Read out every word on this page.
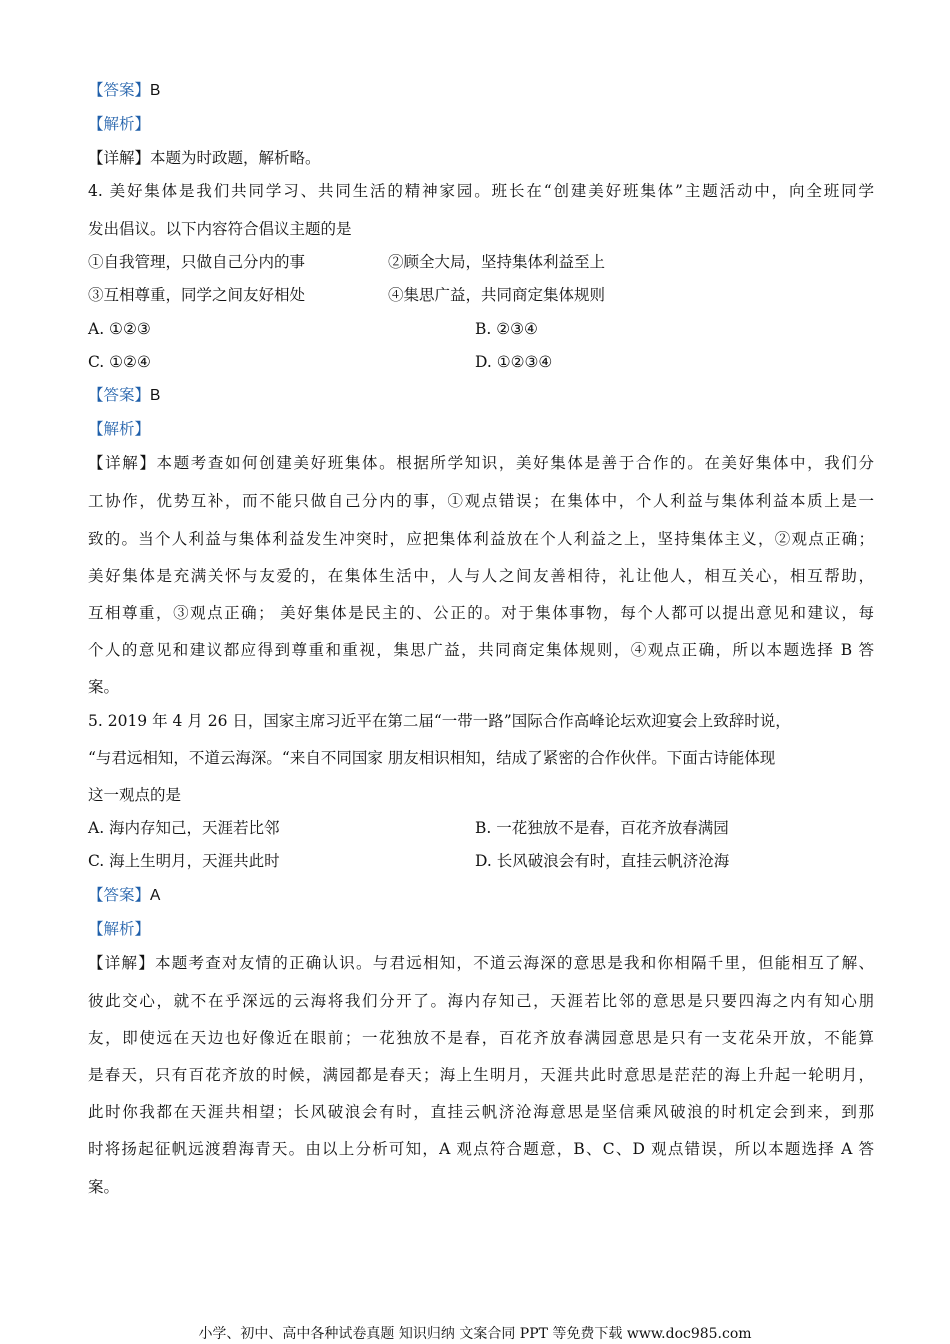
【答案】B
【解析】
【详解】本题为时政题，解析略。
4. 美好集体是我们共同学习、共同生活的精神家园。班长在“创建美好班集体”主题活动中，向全班同学
发出倡议。以下内容符合倡议主题的是
①自我管理，只做自己分内的事	②顾全大局，坚持集体利益至上
③互相尊重，同学之间友好相处	④集思广益，共同商定集体规则
A. ①②③	B. ②③④
C. ①②④	D. ①②③④
【答案】B
【解析】
【详解】本题考查如何创建美好班集体。根据所学知识，美好集体是善于合作的。在美好集体中，我们分
工协作，优势互补，而不能只做自己分内的事，①观点错误；在集体中，个人利益与集体利益本质上是一
致的。当个人利益与集体利益发生冲突时，应把集体利益放在个人利益之上，坚持集体主义，②观点正确；
美好集体是充满关怀与友爱的，在集体生活中，人与人之间友善相待，礼让他人，相互关心，相互帮助，
互相尊重，③观点正确； 美好集体是民主的、公正的。对于集体事物，每个人都可以提出意见和建议，每
个人的意见和建议都应得到尊重和重视，集思广益，共同商定集体规则，④观点正确，所以本题选择 B 答
案。
5. 2019 年 4 月 26 日，国家主席习近平在第二届“一带一路”国际合作高峰论坛欢迎宴会上致辞时说，
“与君远相知，不道云海深。“来自不同国家 朋友相识相知，结成了紧密的合作伙伴。下面古诗能体现
这一观点的是
A. 海内存知己，天涯若比邻	B. 一花独放不是春，百花齐放春满园
C. 海上生明月，天涯共此时	D. 长风破浪会有时，直挂云帆济沧海
【答案】A
【解析】
【详解】本题考查对友情的正确认识。与君远相知，不道云海深的意思是我和你相隔千里，但能相互了解、
彼此交心，就不在乎深远的云海将我们分开了。海内存知己，天涯若比邻的意思是只要四海之内有知心朋
友，即使远在天边也好像近在眼前；一花独放不是春，百花齐放春满园意思是只有一支花朵开放，不能算
是春天，只有百花齐放的时候，满园都是春天；海上生明月，天涯共此时意思是茫茫的海上升起一轮明月，
此时你我都在天涯共相望；长风破浪会有时，直挂云帆济沧海意思是坚信乘风破浪的时机定会到来，到那
时将扬起征帆远渡碧海青天。由以上分析可知，A 观点符合题意，B、C、D 观点错误，所以本题选择 A 答
案。
小学、初中、高中各种试卷真题 知识归纳 文案合同 PPT 等免费下载 www.doc985.com
